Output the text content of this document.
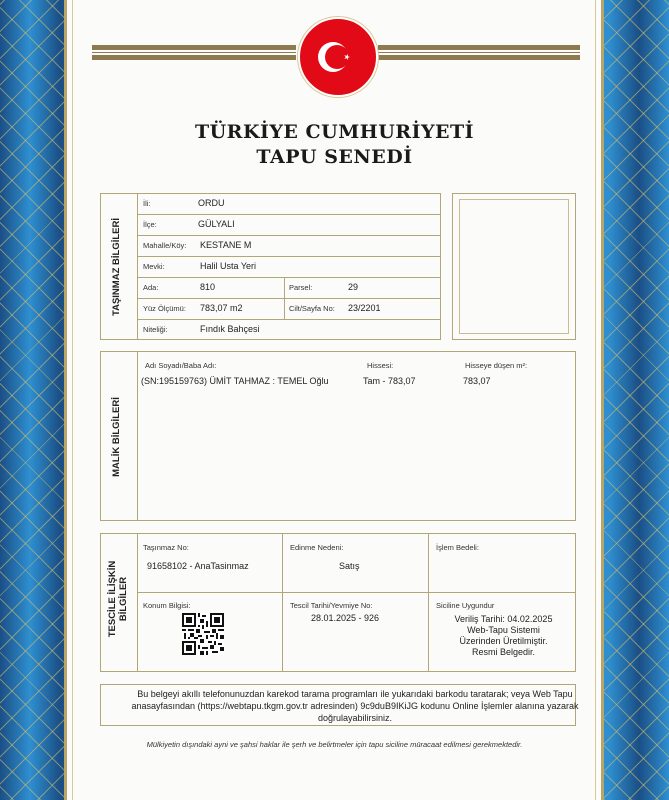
TÜRKİYE CUMHURİYETİ
TAPU SENEDİ
TAŞINMAZ BİLGİLERİ
İli:	ORDU
İlçe:	GÜLYALI
Mahalle/Köy: KESTANE M
Mevki:	Halil Usta Yeri
Ada:	810	Parsel:	29
Yüz Ölçümü: 783,07 m2	Cilt/Sayfa No: 23/2201
Niteliği:	Fındık Bahçesi
MALİK BİLGİLERİ
Adı Soyadı/Baba Adı:	Hissesi:	Hisseye düşen m²:
(SN:195159763) ÜMİT TAHMAZ : TEMEL Oğlu	Tam - 783,07	783,07
TESCİLE İLİŞKİN BİLGİLER
Taşınmaz No:
91658102 - AnaTasinmaz
Edinme Nedeni:
Satış
İşlem Bedeli:
Konum Bilgisi:	Tescil Tarihi/Yevmiye No:
28.01.2025 - 926
Siciline Uygundur
Veriliş Tarihi: 04.02.2025
Web-Tapu Sistemi
Üzerinden Üretilmiştir.
Resmi Belgedir.
Bu belgeyi akıllı telefonunuzdan karekod tarama programları ile yukarıdaki barkodu taratarak; veya Web Tapu anasayfasından (https://webtapu.tkgm.gov.tr adresinden) 9c9duB9IKiJG kodunu Online İşlemler alanına yazarak doğrulayabilirsiniz.
Mülkiyetin dışındaki ayni ve şahsi haklar ile şerh ve belirtmeler için tapu siciline müracaat edilmesi gerekmektedir.
